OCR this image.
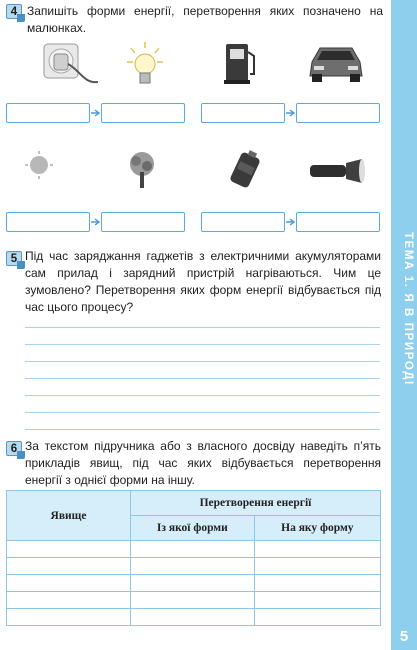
ТЕМА 1. Я В ПРИРОДІ
5
4 Запишіть форми енергії, перетворення яких позначено на малюнках.
5 Під час заряджання гаджетів з електричними акумуляторами сам прилад і зарядний пристрій нагріваються. Чим це зумовлено? Перетворення яких форм енергії відбувається під час цього процесу?
6 За текстом підручника або з власного досвіду наведіть п’ять прикладів явищ, під час яких відбувається перетворення енергії з однієї форми на іншу.
Явище	Перетворення енергії	
	Із якої форми	На яку форму
